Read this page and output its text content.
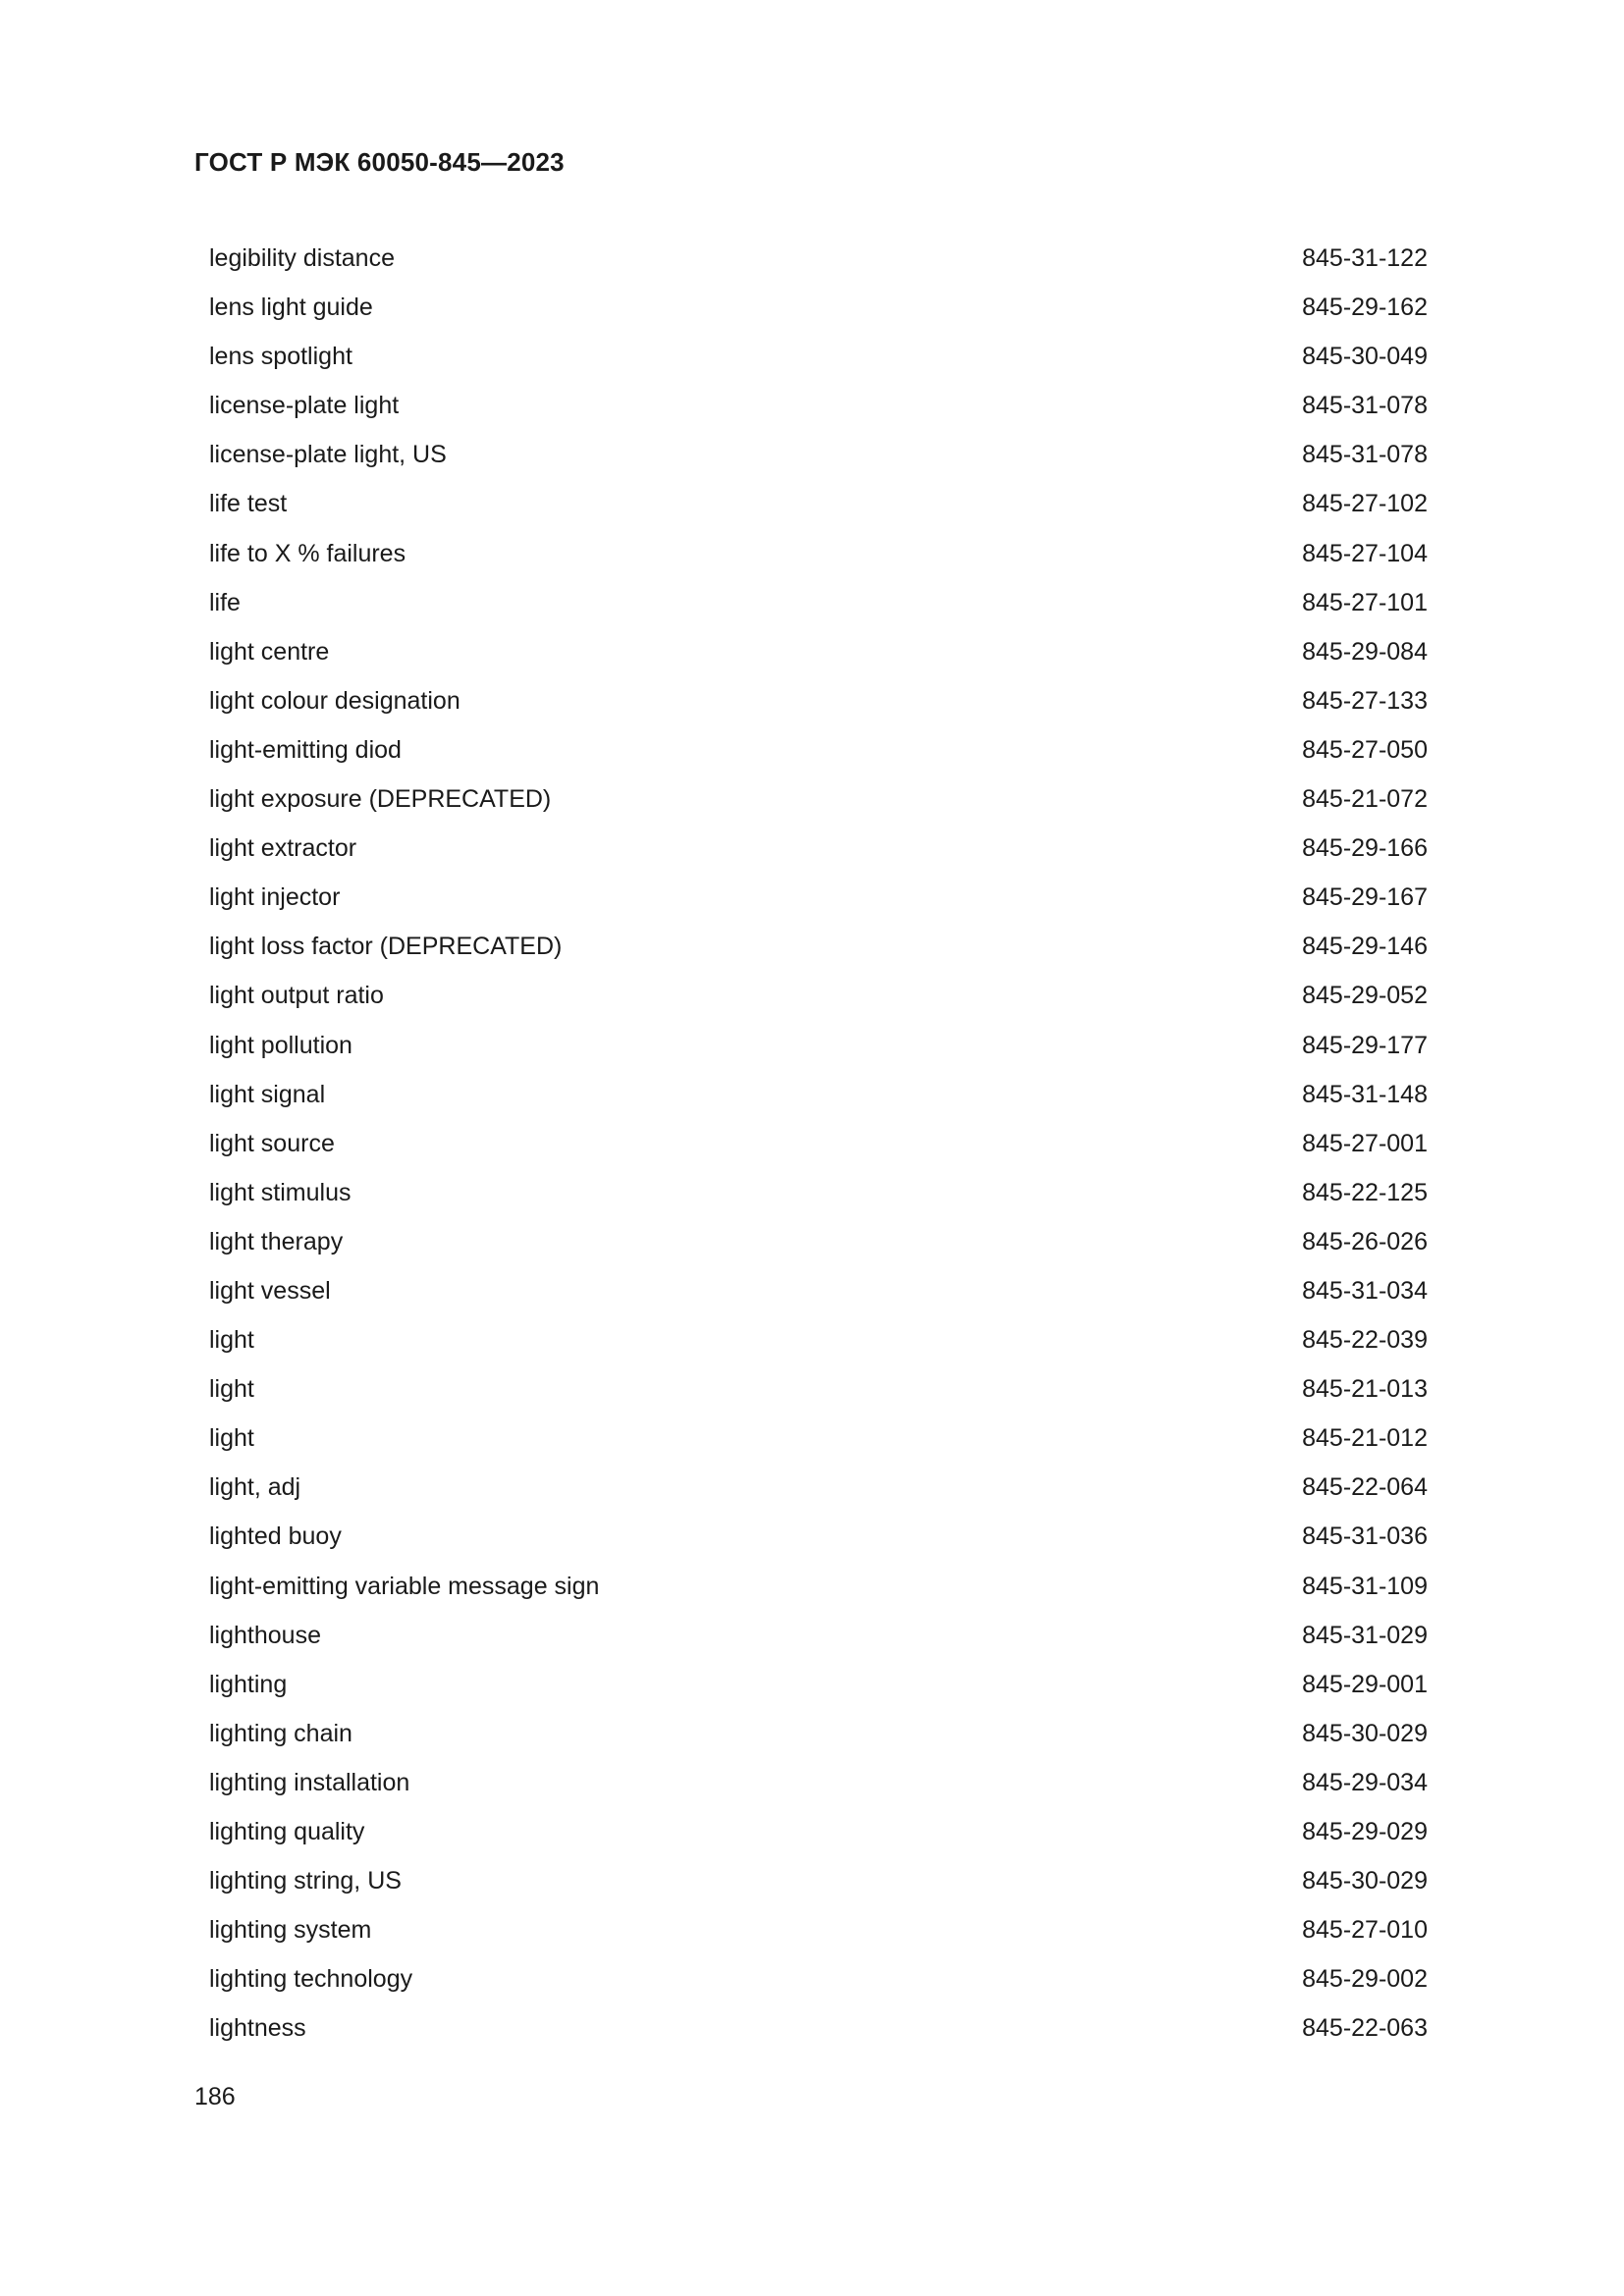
ГОСТ Р МЭК 60050-845—2023
legibility distance	845-31-122
lens light guide	845-29-162
lens spotlight	845-30-049
license-plate light	845-31-078
license-plate light, US	845-31-078
life test	845-27-102
life to X % failures	845-27-104
life	845-27-101
light centre	845-29-084
light colour designation	845-27-133
light-emitting diod	845-27-050
light exposure (DEPRECATED)	845-21-072
light extractor	845-29-166
light injector	845-29-167
light loss factor (DEPRECATED)	845-29-146
light output ratio	845-29-052
light pollution	845-29-177
light signal	845-31-148
light source	845-27-001
light stimulus	845-22-125
light therapy	845-26-026
light vessel	845-31-034
light	845-22-039
light	845-21-013
light	845-21-012
light, adj	845-22-064
lighted buoy	845-31-036
light-emitting variable message sign	845-31-109
lighthouse	845-31-029
lighting	845-29-001
lighting chain	845-30-029
lighting installation	845-29-034
lighting quality	845-29-029
lighting string, US	845-30-029
lighting system	845-27-010
lighting technology	845-29-002
lightness	845-22-063

186
